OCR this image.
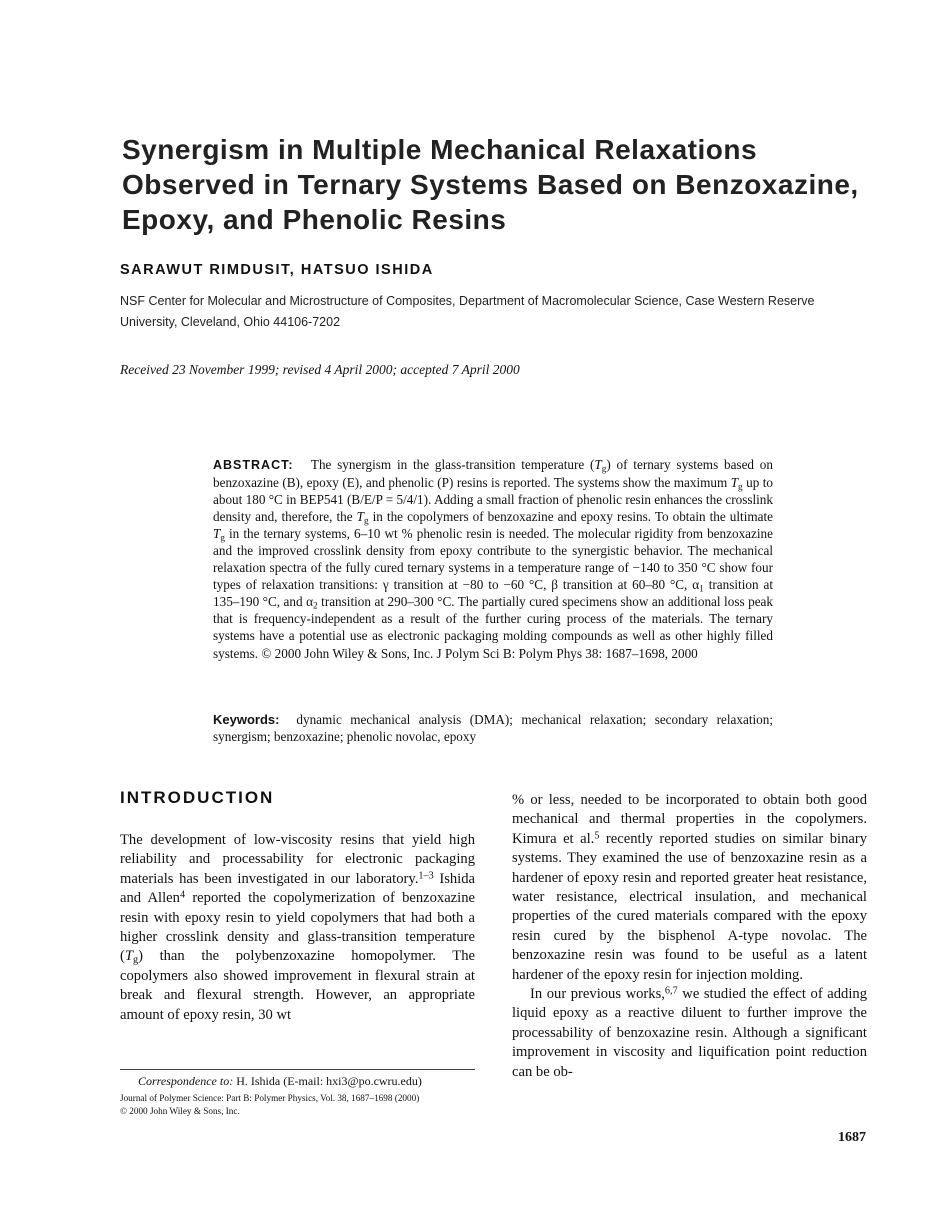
Synergism in Multiple Mechanical Relaxations Observed in Ternary Systems Based on Benzoxazine, Epoxy, and Phenolic Resins
SARAWUT RIMDUSIT, HATSUO ISHIDA
NSF Center for Molecular and Microstructure of Composites, Department of Macromolecular Science, Case Western Reserve University, Cleveland, Ohio 44106-7202
Received 23 November 1999; revised 4 April 2000; accepted 7 April 2000
ABSTRACT: The synergism in the glass-transition temperature $(T_g)$ of ternary systems based on benzoxazine (B), epoxy (E), and phenolic (P) resins is reported. The systems show the maximum $T_g$ up to about 180 °C in BEP541 (B/E/P = 5/4/1). Adding a small fraction of phenolic resin enhances the crosslink density and, therefore, the $T_g$ in the copolymers of benzoxazine and epoxy resins. To obtain the ultimate $T_g$ in the ternary systems, 6–10 wt % phenolic resin is needed. The molecular rigidity from benzoxazine and the improved crosslink density from epoxy contribute to the synergistic behavior. The mechanical relaxation spectra of the fully cured ternary systems in a temperature range of −140 to 350 °C show four types of relaxation transitions: γ transition at −80 to −60 °C, β transition at 60–80 °C, $\alpha_1$ transition at 135–190 °C, and $\alpha_2$ transition at 290–300 °C. The partially cured specimens show an additional loss peak that is frequency-independent as a result of the further curing process of the materials. The ternary systems have a potential use as electronic packaging molding compounds as well as other highly filled systems. © 2000 John Wiley & Sons, Inc. J Polym Sci B: Polym Phys 38: 1687–1698, 2000
Keywords: dynamic mechanical analysis (DMA); mechanical relaxation; secondary relaxation; synergism; benzoxazine; phenolic novolac, epoxy
INTRODUCTION

The development of low-viscosity resins that yield high reliability and processability for electronic packaging materials has been investigated in our laboratory.$^{1-3}$ Ishida and Allen$^4$ reported the copolymerization of benzoxazine resin with epoxy resin to yield copolymers that had both a higher crosslink density and glass-transition temperature $(T_g)$ than the polybenzoxazine homopolymer. The copolymers also showed improvement in flexural strain at break and flexural strength. However, an appropriate amount of epoxy resin, 30 wt

% or less, needed to be incorporated to obtain both good mechanical and thermal properties in the copolymers. Kimura et al.$^5$ recently reported studies on similar binary systems. They examined the use of benzoxazine resin as a hardener of epoxy resin and reported greater heat resistance, water resistance, electrical insulation, and mechanical properties of the cured materials compared with the epoxy resin cured by the bisphenol A-type novolac. The benzoxazine resin was found to be useful as a latent hardener of the epoxy resin for injection molding.

In our previous works,$^{6,7}$ we studied the effect of adding liquid epoxy as a reactive diluent to further improve the processability of benzoxazine resin. Although a significant improvement in viscosity and liquification point reduction can be ob-

Correspondence to: H. Ishida (E-mail: hxi3@po.cwru.edu)
Journal of Polymer Science: Part B: Polymer Physics, Vol. 38, 1687–1698 (2000)
© 2000 John Wiley & Sons, Inc.
1687
